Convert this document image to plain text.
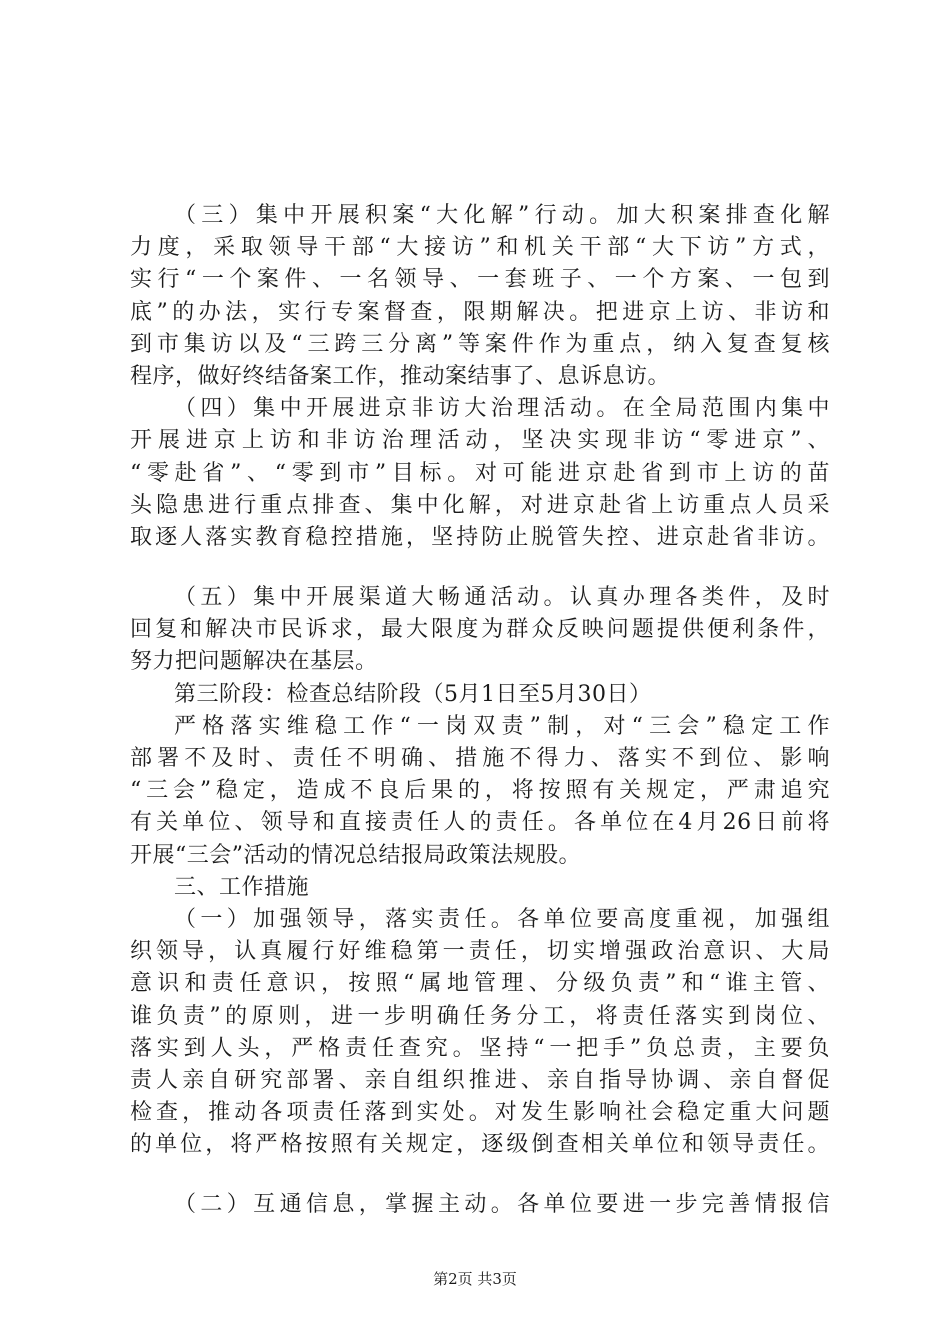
（三）集中开展积案“大化解”行动。加大积案排查化解
力度，采取领导干部“大接访”和机关干部“大下访”方式，
实行“一个案件、一名领导、一套班子、一个方案、一包到
底”的办法，实行专案督查，限期解决。把进京上访、非访和
到市集访以及“三跨三分离”等案件作为重点，纳入复查复核
程序，做好终结备案工作，推动案结事了、息诉息访。
（四）集中开展进京非访大治理活动。在全局范围内集中
开展进京上访和非访治理活动，坚决实现非访“零进京”、
“零赴省”、“零到市”目标。对可能进京赴省到市上访的苗
头隐患进行重点排查、集中化解，对进京赴省上访重点人员采
取逐人落实教育稳控措施，坚持防止脱管失控、进京赴省非访。
（五）集中开展渠道大畅通活动。认真办理各类件，及时
回复和解决市民诉求，最大限度为群众反映问题提供便利条件，
努力把问题解决在基层。
第三阶段：检查总结阶段（5月1日至5月30日）
严格落实维稳工作“一岗双责”制，对“三会”稳定工作
部署不及时、责任不明确、措施不得力、落实不到位、影响
“三会”稳定，造成不良后果的，将按照有关规定，严肃追究
有关单位、领导和直接责任人的责任。各单位在4月26日前将
开展“三会”活动的情况总结报局政策法规股。
三、工作措施
（一）加强领导，落实责任。各单位要高度重视，加强组
织领导，认真履行好维稳第一责任，切实增强政治意识、大局
意识和责任意识，按照“属地管理、分级负责”和“谁主管、
谁负责”的原则，进一步明确任务分工，将责任落实到岗位、
落实到人头，严格责任查究。坚持“一把手”负总责，主要负
责人亲自研究部署、亲自组织推进、亲自指导协调、亲自督促
检查，推动各项责任落到实处。对发生影响社会稳定重大问题
的单位，将严格按照有关规定，逐级倒查相关单位和领导责任。
（二）互通信息，掌握主动。各单位要进一步完善情报信
第2页 共3页
